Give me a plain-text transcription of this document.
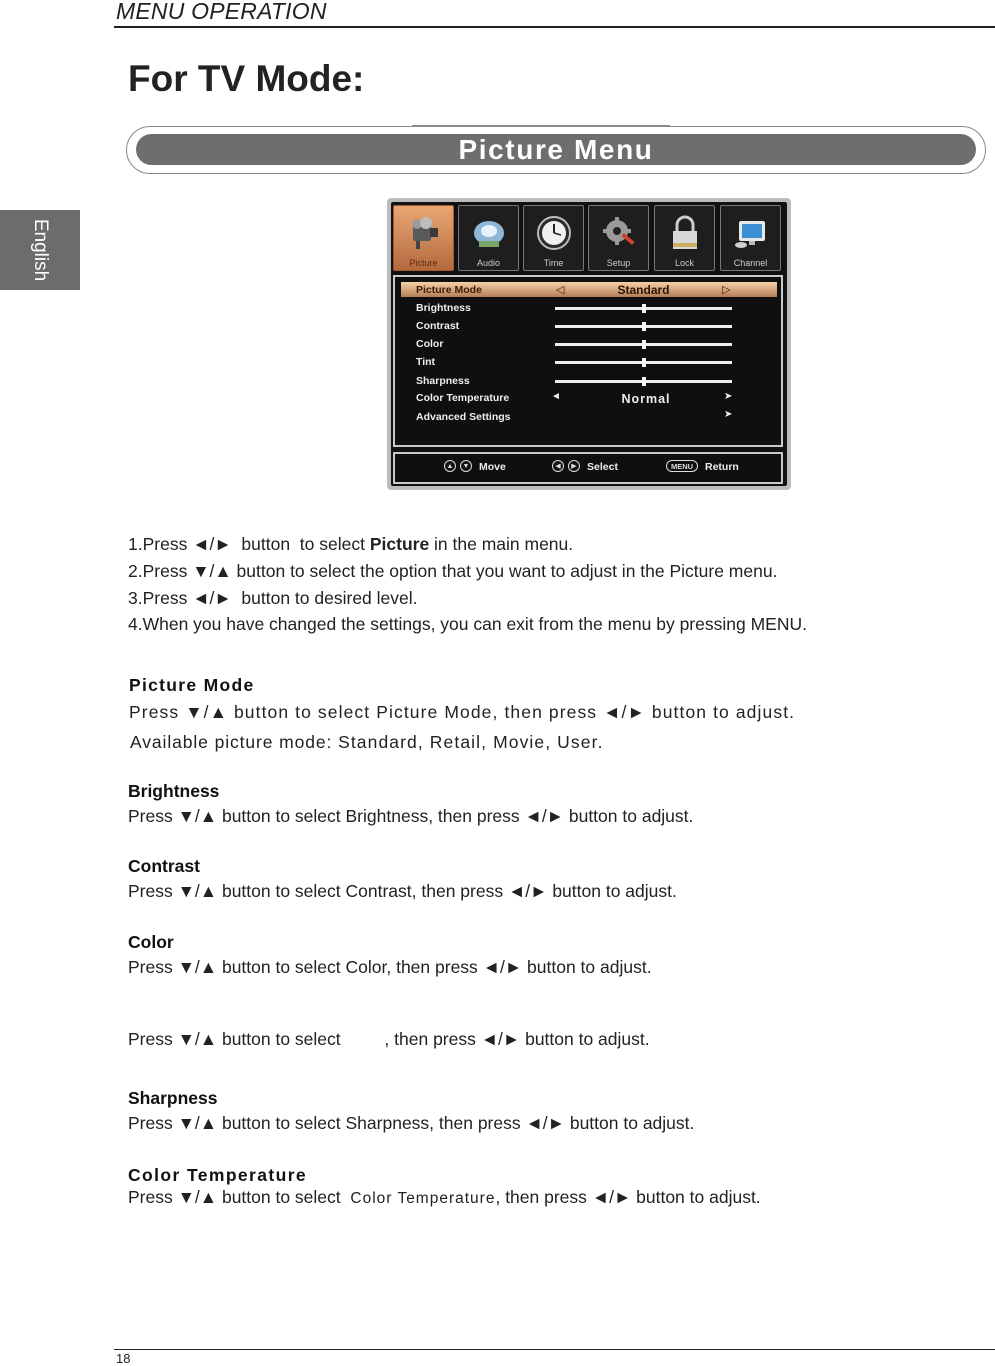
MENU OPERATION
English
For TV Mode:
Picture Menu
Picture	Audio	Time	Setup	Lock	Channel
Picture Mode	◁	Standard	▷
Brightness
Contrast
Color
Tint
Sharpness
Color Temperature	◄	Normal	➤
Advanced Settings	➤
▲	▼ Move	◀	▶ Select	MENU	Return
1.Press ◄/►  button  to select Picture in the main menu.
2.Press ▼/▲ button to select the option that you want to adjust in the Picture menu.
3.Press ◄/►  button to desired level.
4.When you have changed the settings, you can exit from the menu by pressing MENU.
Picture Mode
Press ▼/▲ button to select Picture Mode, then press ◄/► button to adjust.
Available picture mode: Standard, Retail, Movie, User.
Brightness
Press ▼/▲ button to select Brightness, then press ◄/► button to adjust.
Contrast
Press ▼/▲ button to select Contrast, then press ◄/► button to adjust.
Color
Press ▼/▲ button to select Color, then press ◄/► button to adjust.
Press ▼/▲ button to select         , then press ◄/► button to adjust.
Sharpness
Press ▼/▲ button to select Sharpness, then press ◄/► button to adjust.
Color Temperature
Press ▼/▲ button to select  Color Temperature, then press ◄/► button to adjust.
18
